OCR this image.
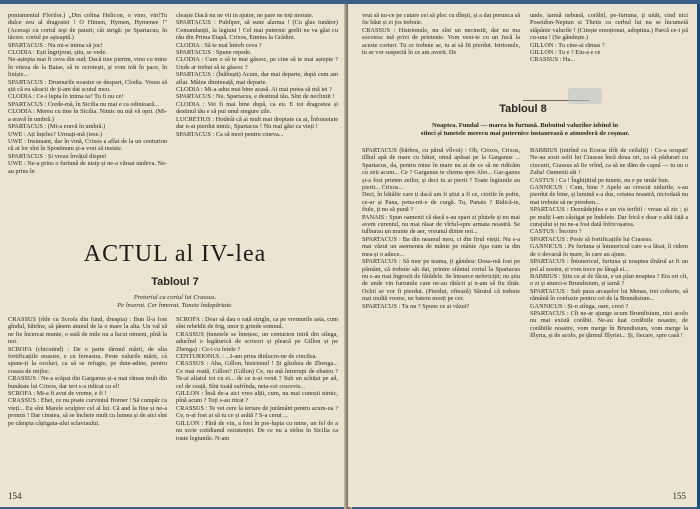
poniamentul Florilor.) „Din colina Helicon, o vino, vin!Tu dulce zeu al dragostei ! O Himen, Hymen, Hymenee !" (Aceeaşi cu cortul ieşi de paturi; cât strigă: pe Spartacus; în tăcere. cortul pe aşteaptă.)

SPARTACUS : Nu mi-e inima să joc!

CLODIA : Ești îngrijorat, știu, se vede.

Ne-aștepta mai fi ceva din sud; Dacă tine pierim, vino cu mine în viteza de la Baiae, să te ocrotești, și vom trăi în pace, în liniște...

SPARTACUS : Drumurile noastre se despart, Clodia. Vreau să știi că eu săracii de ți-am dat scutul meu.

CLODIA : Ce-i lupta în inima ta? Tu fi nu ce!

SPARTACUS : Crede-mă, în Sicilia nu mai e ca odinioară...

CLODIA : Mereu cu tine în Sicilia. Nimic nu mă vă opri. (Mi-a eravă în umbră.)

SPARTACUS : (Mi-a eravă în umbră.)

UWE : Ați înțeles? Urmați-mă (iese.)

UWE : Insinuant, dar în vină, Crixos a aflat de la un centurion că ai lor sînt în Spostinum și-a vrut să insiste.

SPARTACUS : Și vreau învățul dispre!

UWE : Ne-a prins o furtună de nisip și ne-a vărsat undeva. Ne-au prins în

cleaște Dacă nu ne vii in ajutor, ne pare ne toți morate.

SPARTACUS : Publiper, să sune alarma ! (Cu glas tunător) Comandanții, la legiuni ! Cel mai puternic grelit ne va găsi cu rău din Prima Etapă. Crixos, Ennius la Grădini.

CLODIA : Să te mai întreb ceva ?

SPARTACUS : Spune repede.

CLODIA : Cum o să te mai găsesc, pe cine să te mai aștepte ? Unde ar trebui să te găsesc ?

SPARTACUS : (Înăbușit) Acum, dar mai departe, după cum am aflat. Mâine dimineață, mai departe.

CLODIA : Mi-a adus mai bine acasă. Ai mai putea să mă iei ?

SPARTACUS : Nu. Spartacus, e destinul tău. Sînt de neclintit !

CLODIA : Vei fi mai bine după, ca eu. E tot dragostea și destinul tău e să pui unul singure zile.

LUCRETIUS : Hotărât că ai mult mai dreptate ca ai, Înfometate dar n-ai pierdut nimic, Spartacus ! Nu mai găsi ca vieți !

SPARTACUS : Ca să mori pentru cineva...

ACTUL al IV-lea
Tabloul 7
Pretoriul cu cortul lui Crassus.
Pe înserat. Cer înnorat. Tunete îndepărtate.

CRASSUS (rîde cu Scrofa din fund, dreapta) : Bun îl-a fost gîndul, bătrîne, să ţânem atunul de la o mare la alta. Un val să ne fie încercat munte, o sută de mile nu a facut nimeni, pînă la noi.

SCROFA (chicotind) : De o parte tărmul mării, de alta fortificațiile noastre, e cu fereastra. Peste valurile mării, cà spune-ți la ocoluri, ca să se refugie, pe dute-adine, pentru coasta de mijloc.

CRASSUS : Ne-a scăpat din Garganus și-a mai rămas mult din bunătate lui Crixos, dar ieri s-a ridicat cu el!

SCROFA : Mi-a fi avut de vreme, e fi !

CRASSUS : Ehei, ce nu poate curvintul Homer ! Să cumpăr ca vieți... Eu sînt Marele sculptor cel al lui. Că aud la fine și ne-a promis ! Dar cinstea, să se încheie mult cu lumea și de aici sînt pe cămpia câștigata-ului sclaviaului.

SCROFA : Doar să dau o rață strigîn, ca pe vremurile asta, cum sînt rebeldii de frig, unor ți grinde somnul.

CRASSUS (tunetele se întețesc, un centurion intră din stînga, aducînd o legăturică de scrisori și pleacă pe Gillon și pe Zbenga) : Ce-i cu fetele ?

CENTURIONUL : ...I-am prins dinlucru-ne de cincilea.

CRASSUS : Aha, Gillon, histrionul ! Și găzduia de Zbenga... Ce mai roată, Gillon? (Gillon) Ce, nu mă întrerupi de-zbateu ? Te-ai aliatul tot cu ei... de ce n-ai venit ? Sub un schițat pe ad, cel de ceață. Sînt toată sufrînda, neta-cei crucevis...

GILLON : Însă de-a aici vreo alții, cum, nu mai cunoști nimic, pînă acum ? Toți s-au ritrat ?

CRASSUS : Te vei cere la iertare de jurământ pentru acum-ua ? Ce, n-ai fost ai să tu ce și arătă ? S-a cerut ...

GILLON : Fără de vin, a fost în pre-lupta cu mine, un fel de a nu scrie cotidianul rezistenței. De ce nu a strîns în Sicilia ca toate legiunile. N-am

154

vrut să nu-ce pe cutare cei să plec cu dînșii, și a dat porunca să fie băut și zi jos trebuie.

CRASSUS : Histrionule, nu sînt un necinstit, dar nu ma socotesc mă privi de prietenie. Vom veni-te cu un Jucă la aceste corturi. Tu ce trebuie se, tu ai să fii pierdut. Istrionule, tu se vor suspectă în ce am avorit. De

unde, iarmă nebună, corăbil, pe-furtuna, ți uităt, cind nici Poseidon-Neptun si Thetis cu cerbul lui nu se încumetă stăpânie valurile ! (Citește emoționat, adoptina.) Parcă ce-i pă cu-una ! (Se gândește.)

GILLON : Tu cine-ai rămas ?

GILLON : Tu e ? Ein-a e ce

CRASSUS : Ha...

Tabloul 8
Noaptea. Fundal — marea în furtună. Bubuitul valurilor izbind în
stînci și tunetele merecu mai puternice instaurează o atmosferă de coșmar.

SPARTACUS (bărbos, cu părul vîlvoi) : Oh, Crixos, Crixos, tîlhul apă de mare cu bătut, omul apăsat pe la Garganus ... Spartacus, da, pentru mine în mare nu ai de ce să ne ridicăm cu zeii acum... Ce ? Garganus te chema spre Abo... Gar-ganus și-a fost prieten zeilor, și deci tu ai pierit ? Toate legiunile au pierit... Crixos...

Deci, în bătălie care ți dacă am fi știut a fi ce, ciorile în pofte, ce-ar și Pana, pena-mi-e de curgă. Tu, Panais ? Ridică-te, fiule, ți nu să pună ?

PANAIS : Spun oamenii că dacă s-au spart zi plutele și nu mai avem curentul, nu mai răsar de vîrful-spre armata noastră. Se tulburau un munte de aer, vreunul dintre noi...

SPARTACUS : Ba din neamul meu, ci din firul vieții. Nu s-a mai văzut un asemenea de mânie pe mânie Apa cum ia din mea și o aduce...

SPARTACUS : Să mor pe teama, ți gândesc Dosa-mă fost pe pământ, că trebuie săi dai, printre sfântul cortul la Spartacus nu s-au mai îngrozit de fărădele. Se întoarce nefericiții; nu știu de unde vin furtunile care ne-au rătăcit și n-am să fiu tînăr. Ochii se vor fi pierdut. (Pierdut, oftează) Sărutul că trebuie mai multă vreme, ne batem morți pe cer.

SPARTACUS : Tu nu ? Spune ce ai văzut?

BABBIUS (intrînd cu Eceras tîrît de ceilalți) : Ce-a ocupat! Ne-au sosit solii lui Crassus încă doua ori, ca să pădurari cu ciucurii, Crassus să fie vrînd, ca să ne dăm de capul — tu nu o Zaha! Oamenii săi !

CASTUS : Ca ! Înghițitiul pe tunete, nu e pe umăr bun.

GANNICUS : Cum, bine ? Apele au crescut zidurile, s-au pierdut de bine, și lumină s-a dus, cetatea noastră, niciodată nu mai trebuie să ne pierdem...

SPARTACUS : Deznădejdea e un vis teribil : vreau să zic ; și pe mulți l-am câștigat pe îndelete. Dar frică e doar o altă față a curajului și nu ne-a fost dată înfricoșarea.

CASTUS : Încotro ?

SPARTACUS : Peste să fortificațiile lui Crassus.

GANNICUS : Pe furtuna și întunericul care s-a lăsat, îi ridem de o devarsă în mare, în care au ajuns.

SPARTACUS : Întunericul, furtuna și noaptea tînărul ar fi un pol al nostru, și vom trece pe lângă ei...

BABBIUS : Știu ce ai de făcut, e un plan noaptea ? Era ori cît, o zi și atunci-e Brundisium, și iarnă ?

SPARTACUS : Sub paza arcașelor lui Menas, trei cohorte, să rămână în confuzie pentru cei de la Brundisium...

GANNICUS : Și-n stînga, oare, crezi ?

SPARTACUS : Cît ne-ar ajunge acum Brundisium, nici acolo nu mai există corăbii. Ne-au luat corăbiile noastre, de corăbiile noastre, vom merge în Brundisium, vom merge la Illyria, și de acolo, pe țărmul Illyriei... Și, fiecare, spre casă !

155
